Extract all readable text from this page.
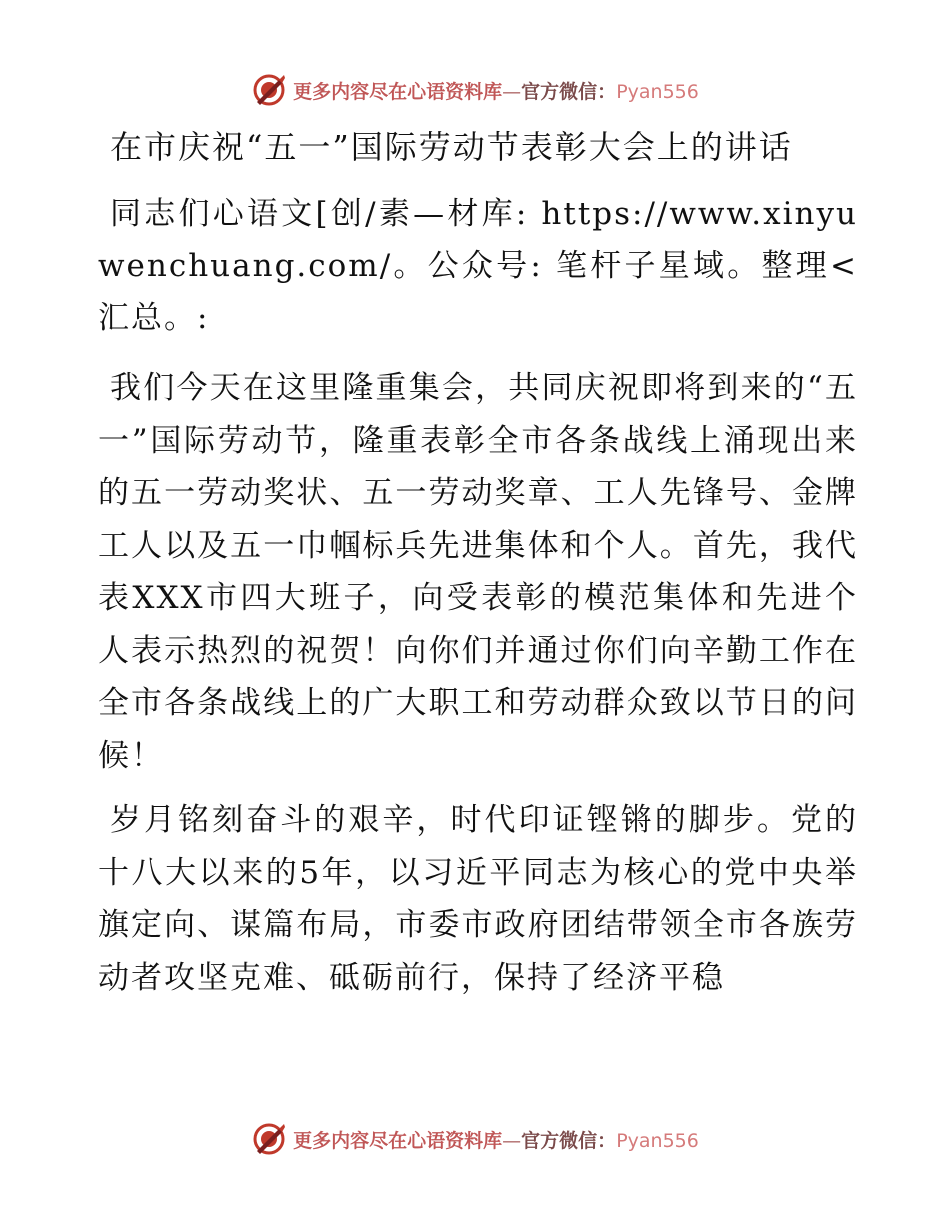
更多内容尽在心语资料库—官方微信：Pyan556
在市庆祝“五一”国际劳动节表彰大会上的讲话

同志们心语文[创/素—材库: https://www.xinyuwenchuang.com/。公众号: 笔杆子星域。整理<汇总。:

我们今天在这里隆重集会，共同庆祝即将到来的“五一”国际劳动节，隆重表彰全市各条战线上涌现出来的五一劳动奖状、五一劳动奖章、工人先锋号、金牌工人以及五一巾帼标兵先进集体和个人。首先，我代表XXX市四大班子，向受表彰的模范集体和先进个人表示热烈的祝贺！向你们并通过你们向辛勤工作在全市各条战线上的广大职工和劳动群众致以节日的问候！

岁月铭刻奋斗的艰辛，时代印证铿锵的脚步。党的十八大以来的5年，以习近平同志为核心的党中央举旗定向、谋篇布局，市委市政府团结带领全市各族劳动者攻坚克难、砥砺前行，保持了经济平稳

更多内容尽在心语资料库—官方微信：Pyan556
